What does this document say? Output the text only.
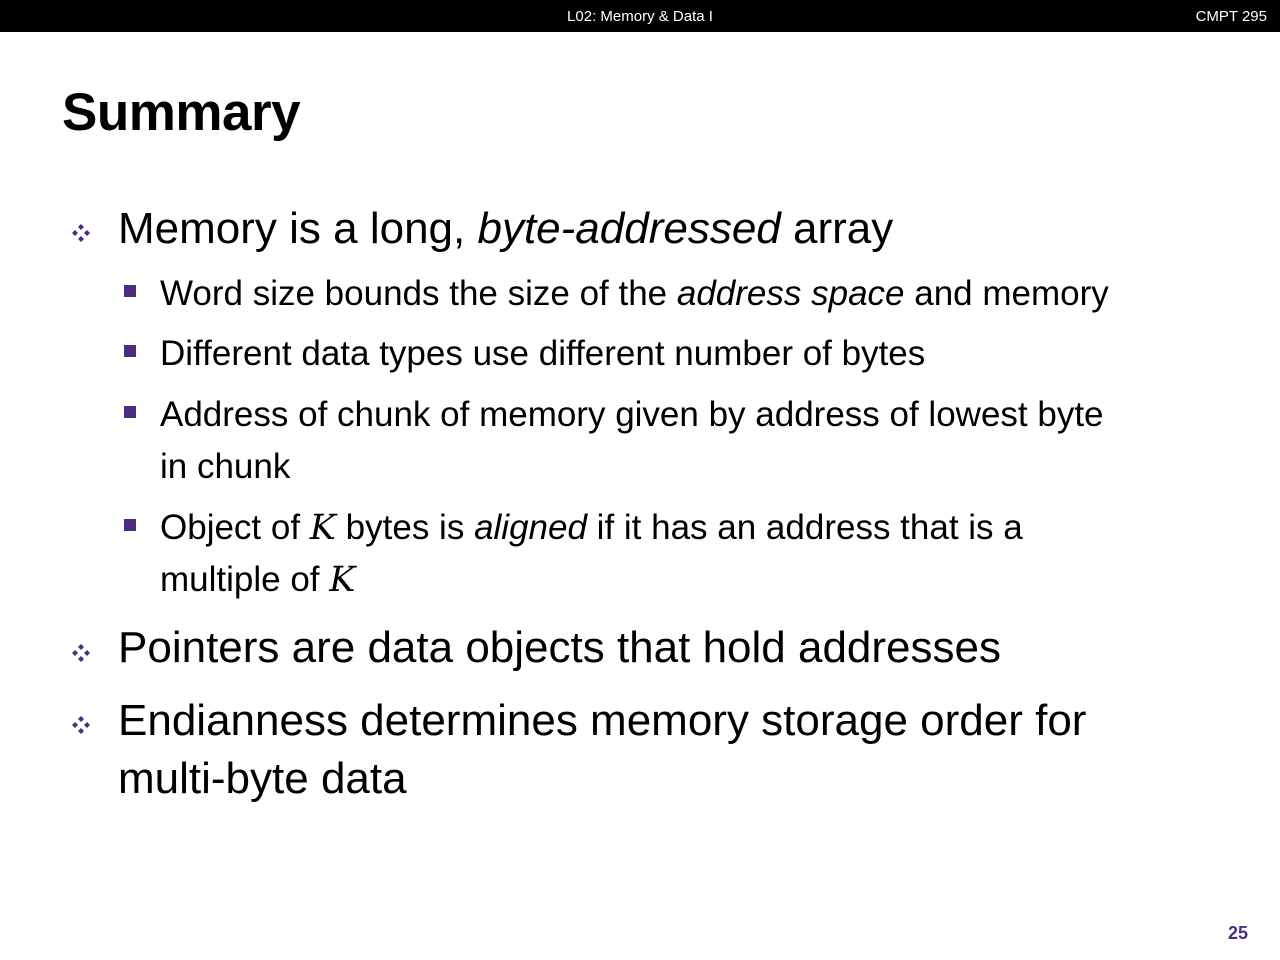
L02: Memory & Data I	CMPT 295
Summary
Memory is a long, byte-addressed array
Word size bounds the size of the address space and memory
Different data types use different number of bytes
Address of chunk of memory given by address of lowest byte
in chunk
Object of K bytes is aligned if it has an address that is a
multiple of K
Pointers are data objects that hold addresses
Endianness determines memory storage order for
multi-byte data
25
